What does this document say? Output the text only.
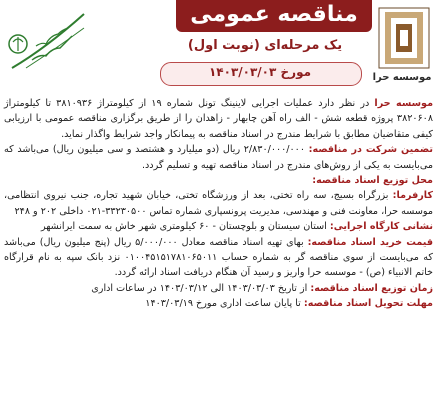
موسسه حرا
مناقصه عمومی
یک مرحله‌ای (نوبت اول)
مورخ ۱۴۰۳/۰۳/۰۳

موسسه حرا در نظر دارد عملیات اجرایی لاینینگ تونل شماره ۱۹ از کیلومتراژ ۳۸۱۰۹۳۶ تا کیلومتراژ ۳۸۲۰۶۰۸ پروژه قطعه شش - الف راه آهن چابهار - زاهدان را از طریق برگزاری مناقصه عمومی با ارزیابی کیفی متقاضیان مطابق با شرایط مندرج در اسناد مناقصه به پیمانکار واجد شرایط واگذار نماید.

تضمین شرکت در مناقصه: ۲/۸۳۰/۰۰۰/۰۰۰ ریال (دو میلیارد و هشتصد و سی میلیون ریال) می‌باشد که می‌بایست به یکی از روش‌های مندرج در اسناد مناقصه تهیه و تسلیم گردد.

محل توزیع اسناد مناقصه:

کارفرما: بزرگراه بسیج، سه راه تختی، بعد از ورزشگاه تختی، خیابان شهید تجاره، جنب نیروی انتظامی، موسسه حرا، معاونت فنی و مهندسی، مدیریت پرونسپاری شماره تماس ۳۳۲۳۰۵۰۰-۰۲۱ داخلی ۲۰۲ و ۲۴۸

نشانی کارگاه اجرایی: استان سیستان و بلوچستان - ۶۰ کیلومتری شهر خاش به سمت ایرانشهر

قیمت خرید اسناد مناقصه: بهای تهیه اسناد مناقصه معادل ۵/۰۰۰/۰۰۰ ریال (پنج میلیون ریال) می‌باشد که می‌بایست از سوی مناقصه گر به شماره حساب ۰۱۰۰۴۵۱۵۱۷۸۱۰۶۵۰۱۱ نزد بانک سپه به نام قرارگاه خاتم الانبیاء (ص) - موسسه حرا واریز و رسید آن هنگام دریافت اسناد ارائه گردد.

زمان توزیع اسناد مناقصه: از تاریخ ۱۴۰۳/۰۳/۰۳ الی ۱۴۰۳/۰۳/۱۲ در ساعات اداری

مهلت تحویل اسناد مناقصه: تا پایان ساعت اداری مورخ ۱۴۰۳/۰۳/۱۹
